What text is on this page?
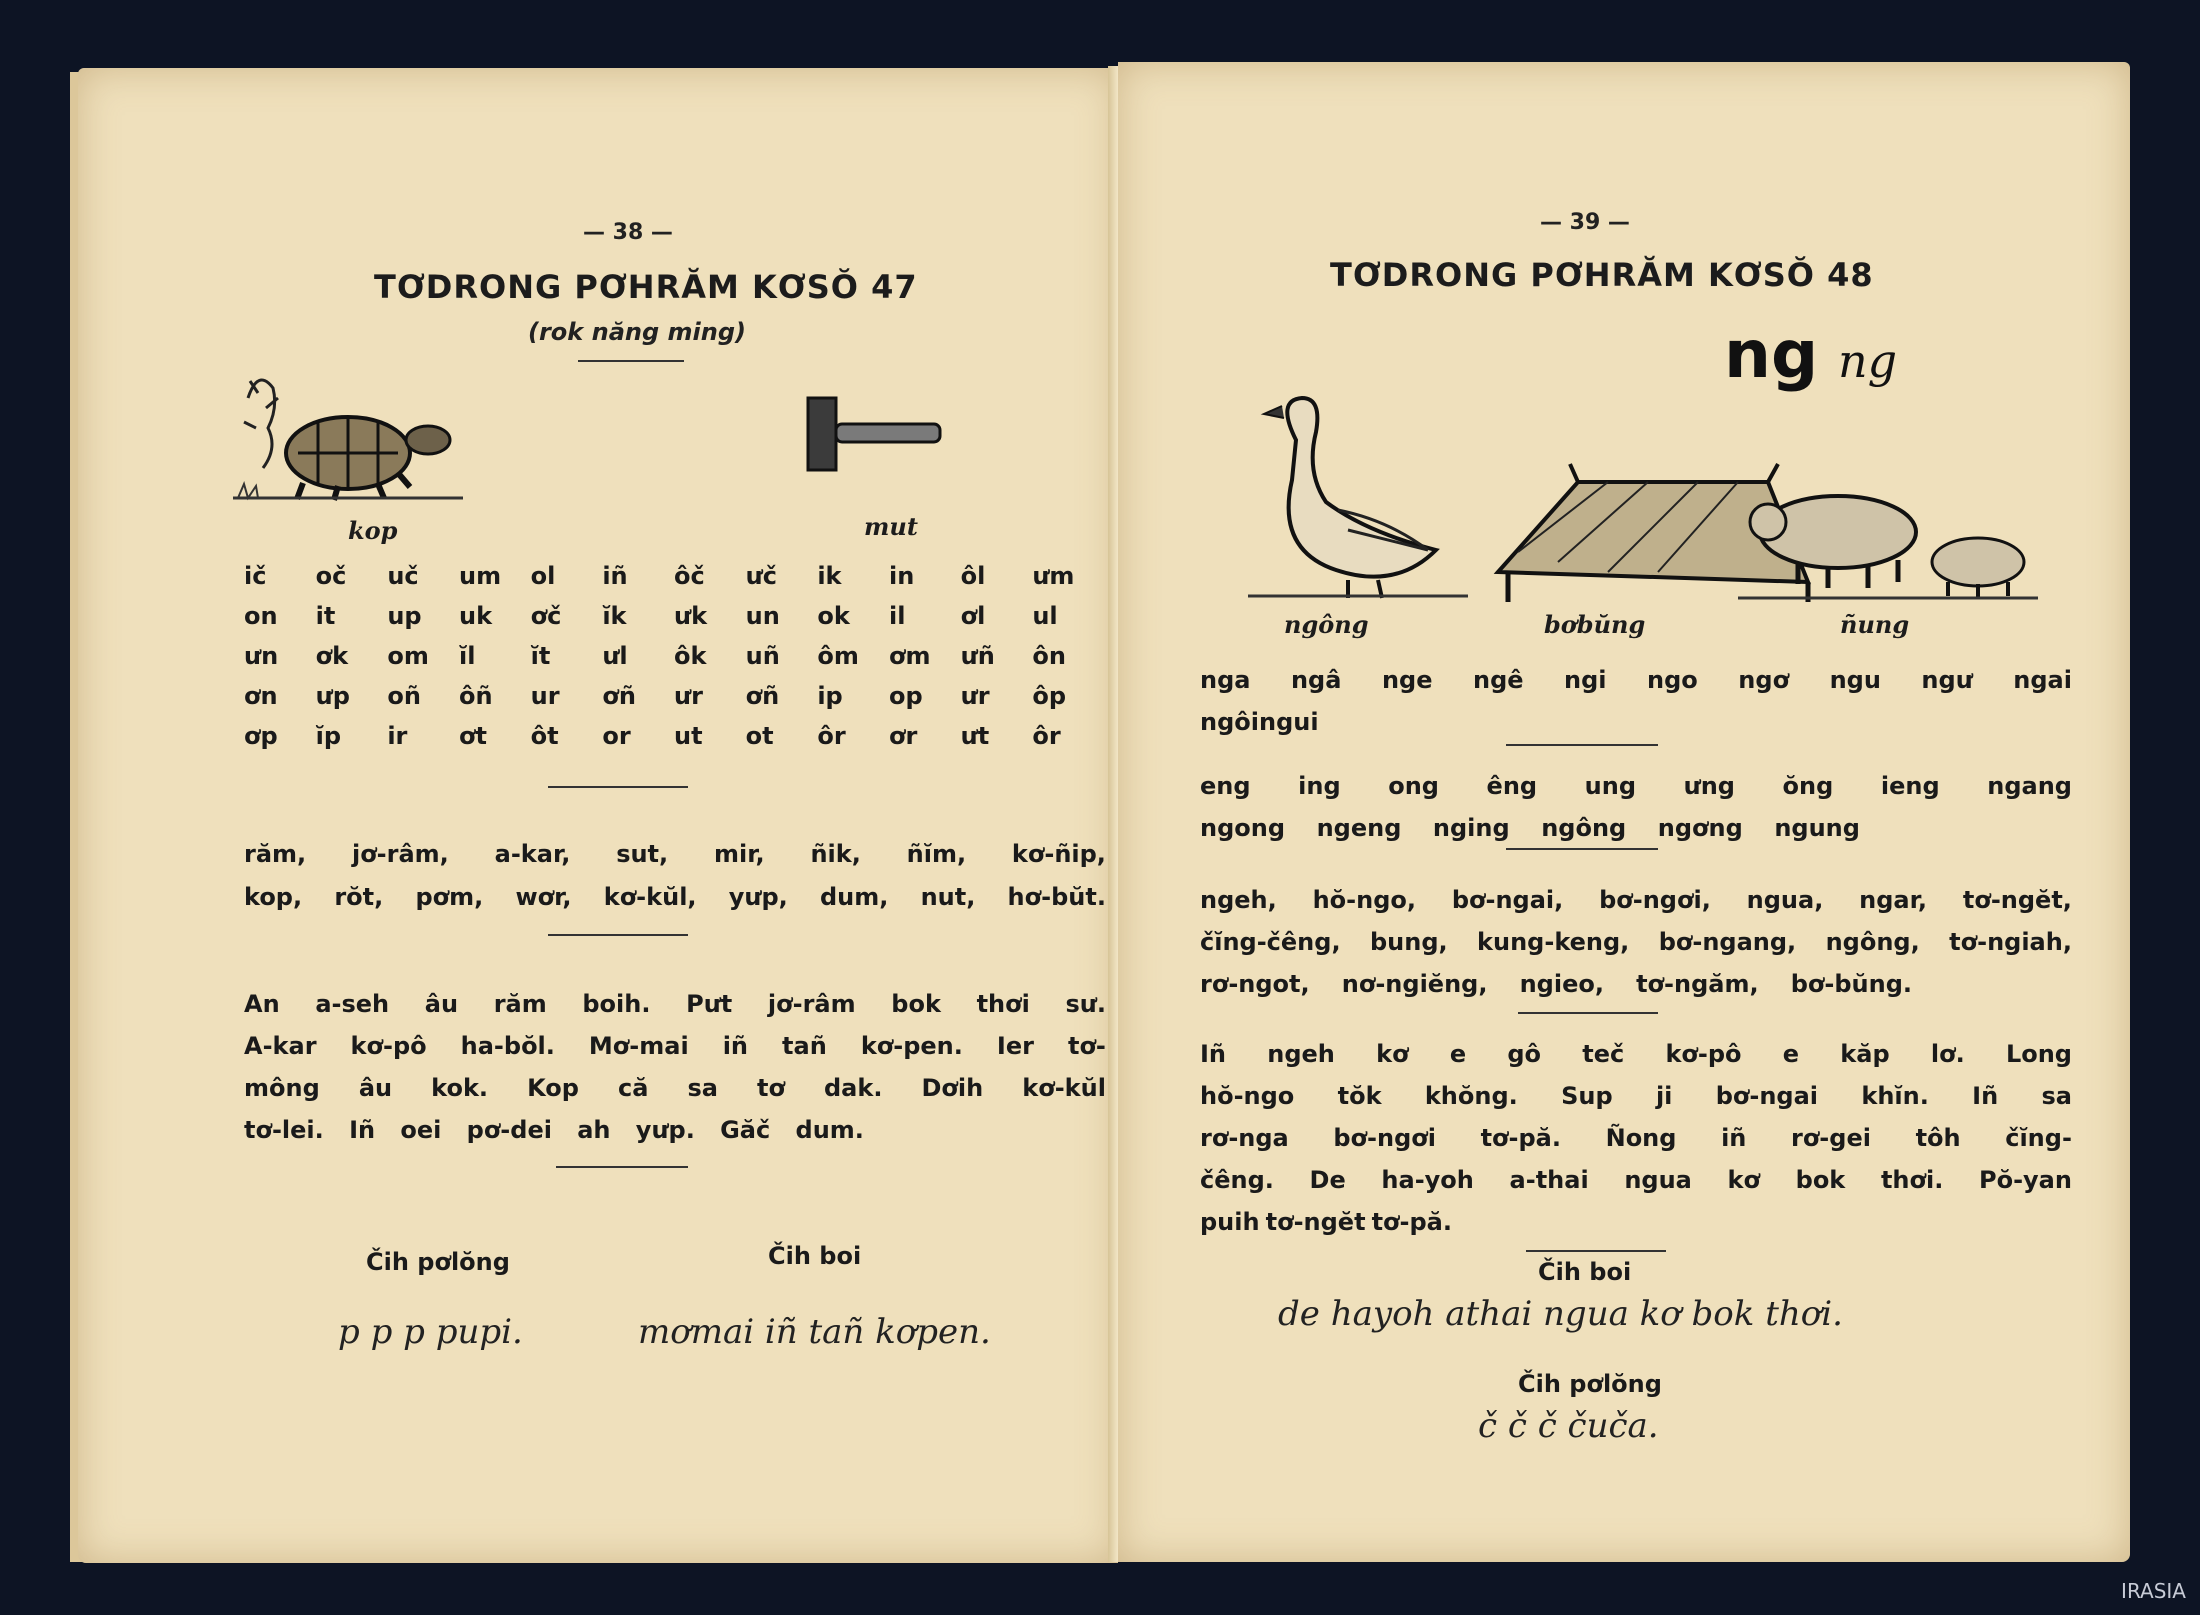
— 38 —
TƠDRONG PƠHRĂM KƠSŎ 47
(rok năng ming)
kop	mut
ič	oč	uč	um	ol	iñ	ôč	ưč	ik	in	ôl	ưm
on	it	up	uk	ơč	ĭk	ưk	un	ok	il	ơl	ul
ưn	ơk	om	ĭl	ĭt	ưl	ôk	uñ	ôm	ơm	ưñ	ôn
ơn	ưp	oñ	ôñ	ur	ơñ	ưr	ơñ	ip	op	ưr	ôp
ơp	ĭp	ir	ơt	ôt	or	ut	ot	ôr	ơr	ưt	ôr
răm, jơ-râm, a-kar, sut, mir, ñik, ñĭm, kơ-ñip,
kop, rŏt, pơm, wơr, kơ-kŭl, yưp, dum, nut, hơ-bŭt.
An a-seh âu răm boih. Pưt jơ-râm bok thơi sư.
A-kar kơ-pô ha-bŏl. Mơ-mai iñ tañ kơ-pen. Ier tơ-
mông âu kok. Kop că sa tơ dak. Dơih kơ-kŭl
tơ-lei. Iñ oei pơ-dei ah yưp. Găč dum.
Čih pơlŏng	Čih boi
p p p pupi.	mơmai iñ tañ kơpen.
— 39 —
TƠDRONG PƠHRĂM KƠSŎ 48
ng ng
ngông	bơbŭng	ñung
nga ngâ nge ngê ngi ngo ngơ ngu ngư ngai
ngôi ngui
eng ing ong êng ung ưng ŏng ieng ngang
ngong ngeng nging ngông ngơng ngung
ngeh, hŏ-ngo, bơ-ngai, bơ-ngơi, ngua, ngar, tơ-ngĕt,
čĭng-čêng, bung, kung-keng, bơ-ngang, ngông, tơ-ngiah,
rơ-ngot, nơ-ngiĕng, ngieo, tơ-ngăm, bơ-bŭng.
Iñ ngeh kơ e gô teč kơ-pô e kăp lơ. Long
hŏ-ngo tŏk khŏng. Sup ji bơ-ngai khĭn. Iñ sa
rơ-nga bơ-ngơi tơ-pă. Ñong iñ rơ-gei tôh čĭng-
čêng. De ha-yoh a-thai ngua kơ bok thơi. Pŏ-yan
puih tơ-ngĕt tơ-pă.
Čih boi
de hayoh athai ngua kơ bok thơi.
Čih pơlŏng
č č č čuča.
IRASIA
